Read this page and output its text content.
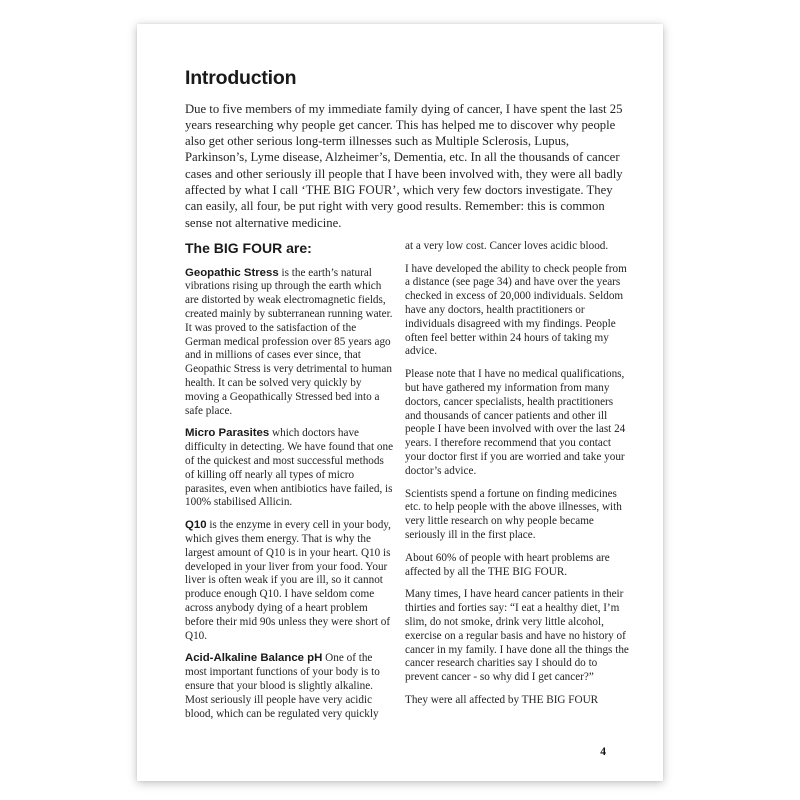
Introduction

Due to five members of my immediate family dying of cancer, I have spent the last 25 years researching why people get cancer. This has helped me to discover why people also get other serious long-term illnesses such as Multiple Sclerosis, Lupus, Parkinson’s, Lyme disease, Alzheimer’s, Dementia, etc. In all the thousands of cancer cases and other seriously ill people that I have been involved with, they were all badly affected by what I call ‘THE BIG FOUR’, which very few doctors investigate. They can easily, all four, be put right with very good results. Remember: this is common sense not alternative medicine.

The BIG FOUR are:

Geopathic Stress is the earth’s natural vibrations rising up through the earth which are distorted by weak electromagnetic fields, created mainly by subterranean running water. It was proved to the satisfaction of the German medical profession over 85 years ago and in millions of cases ever since, that Geopathic Stress is very detrimental to human health. It can be solved very quickly by moving a Geopathically Stressed bed into a safe place.

Micro Parasites which doctors have difficulty in detecting. We have found that one of the quickest and most successful methods of killing off nearly all types of micro parasites, even when antibiotics have failed, is 100% stabilised Allicin.

Q10 is the enzyme in every cell in your body, which gives them energy. That is why the largest amount of Q10 is in your heart. Q10 is developed in your liver from your food. Your liver is often weak if you are ill, so it cannot produce enough Q10. I have seldom come across anybody dying of a heart problem before their mid 90s unless they were short of Q10.

Acid-Alkaline Balance pH One of the most important functions of your body is to ensure that your blood is slightly alkaline. Most seriously ill people have very acidic blood, which can be regulated very quickly

at a very low cost. Cancer loves acidic blood.

I have developed the ability to check people from a distance (see page 34) and have over the years checked in excess of 20,000 individuals. Seldom have any doctors, health practitioners or individuals disagreed with my findings. People often feel better within 24 hours of taking my advice.

Please note that I have no medical qualifications, but have gathered my information from many doctors, cancer specialists, health practitioners and thousands of cancer patients and other ill people I have been involved with over the last 24 years. I therefore recommend that you contact your doctor first if you are worried and take your doctor’s advice.

Scientists spend a fortune on finding medicines etc. to help people with the above illnesses, with very little research on why people became seriously ill in the first place.

About 60% of people with heart problems are affected by all the THE BIG FOUR.

Many times, I have heard cancer patients in their thirties and forties say: “I eat a healthy diet, I’m slim, do not smoke, drink very little alcohol, exercise on a regular basis and have no history of cancer in my family. I have done all the things the cancer research charities say I should do to prevent cancer - so why did I get cancer?”

They were all affected by THE BIG FOUR

4
